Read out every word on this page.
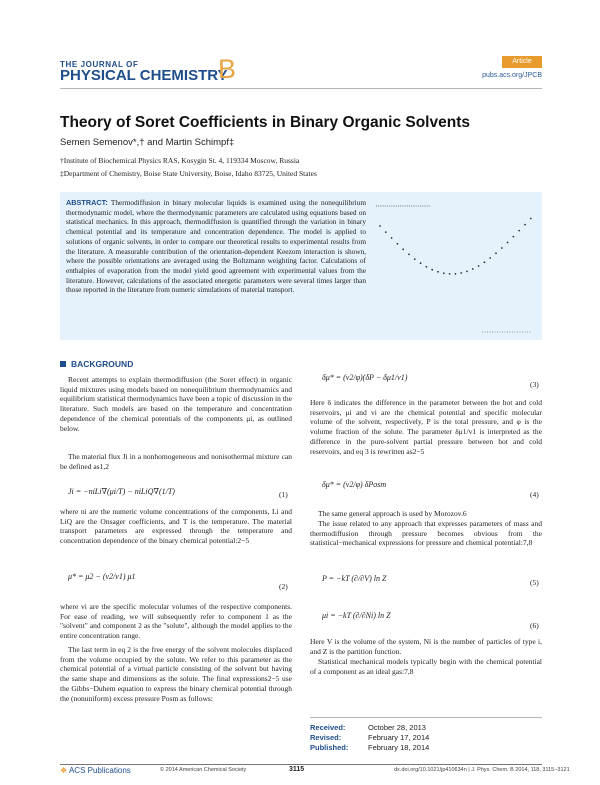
THE JOURNAL OF
PHYSICAL CHEMISTRY
B	Article
pubs.acs.org/JPCB
Theory of Soret Coefficients in Binary Organic Solvents
Semen Semenov*,† and Martin Schimpf‡
†Institute of Biochemical Physics RAS, Kosygin St. 4, 119334 Moscow, Russia
‡Department of Chemistry, Boise State University, Boise, Idaho 83725, United States
ABSTRACT: Thermodiffusion in binary molecular liquids is examined using the nonequilibrium thermodynamic model, where the thermodynamic parameters are calculated using equations based on statistical mechanics. In this approach, thermodiffusion is quantified through the variation in binary chemical potential and its temperature and concentration dependence. The model is applied to solutions of organic solvents, in order to compare our theoretical results to experimental results from the literature. A measurable contribution of the orientation-dependent Keezom interaction is shown, where the possible orientations are averaged using the Boltzmann weighting factor. Calculations of enthalpies of evaporation from the model yield good agreement with experimental values from the literature. However, calculations of the associated energetic parameters were several times larger than those reported in the literature from numeric simulations of material transport.
BACKGROUND

Recent attempts to explain thermodiffusion (the Soret effect) in organic liquid mixtures using models based on nonequilibrium thermodynamics and equilibrium statistical thermodynamics have been a topic of discussion in the literature. Such models are based on the temperature and concentration dependence of the chemical potentials of the components μi, as outlined below.

The material flux Ji in a nonhomogeneous and nonisothermal mixture can be defined as1,2

Ji = −niLi∇(μi/T) − niLiQ∇(1/T)	(1)

where ni are the numeric volume concentrations of the components, Li and LiQ are the Onsager coefficients, and T is the temperature. The material transport parameters are expressed through the temperature and concentration dependence of the binary chemical potential:2−5

μ* = μ2 − (v2/v1) μ1
(2)

where vi are the specific molecular volumes of the respective components. For ease of reading, we will subsequently refer to component 1 as the "solvent" and component 2 as the "solute", although the model applies to the entire concentration range.

The last term in eq 2 is the free energy of the solvent molecules displaced from the volume occupied by the solute. We refer to this parameter as the chemical potential of a virtual particle consisting of the solvent but having the same shape and dimensions as the solute. The final expressions2−5 use the Gibbs−Duhem equation to express the binary chemical potential through the (nonuniform) excess pressure Posm as follows:

δμ* = (v2/φ)(δP − δμ1/v1)
(3)

Here δ indicates the difference in the parameter between the hot and cold reservoirs, μi and vi are the chemical potential and specific molecular volume of the solvent, respectively, P is the total pressure, and φ is the volume fraction of the solute. The parameter δμ1/v1 is interpreted as the difference in the pure-solvent partial pressure between hot and cold reservoirs, and eq 3 is rewritten as2−5

δμ* = (v2/φ) δPosm
(4)

The same general approach is used by Morozov.6

The issue related to any approach that expresses parameters of mass and thermodiffusion through pressure becomes obvious from the statistical−mechanical expressions for pressure and chemical potential:7,8

P = −kT (∂/∂V) ln Z	(5)
μi = −kT (∂/∂Ni) ln Z
(6)

Here V is the volume of the system, Ni is the number of particles of type i, and Z is the partition function.

Statistical mechanical models typically begin with the chemical potential of a component as an ideal gas:7,8

Received:	October 28, 2013
Revised:	February 17, 2014
Published:	February 18, 2014
❖ ACS Publications	© 2014 American Chemical Society	3115	dx.doi.org/10.1021/jp410634n | J. Phys. Chem. B 2014, 118, 3115−3121
